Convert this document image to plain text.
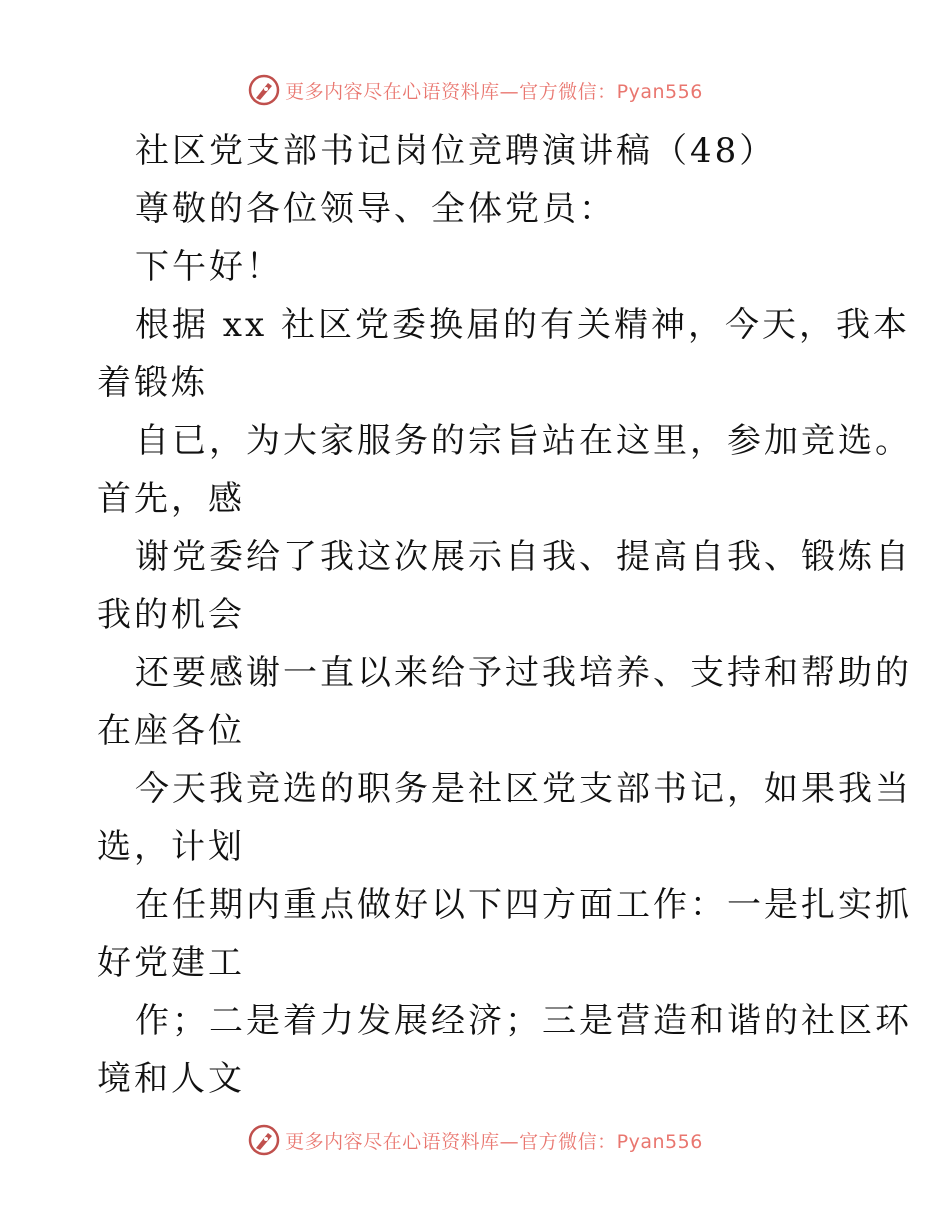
更多内容尽在心语资料库—官方微信：Pyan556
社区党支部书记岗位竞聘演讲稿（48）
尊敬的各位领导、全体党员：
下午好！
根据 xx 社区党委换届的有关精神，今天，我本
着锻炼
自已，为大家服务的宗旨站在这里，参加竞选。
首先，感
谢党委给了我这次展示自我、提高自我、锻炼自
我的机会
还要感谢一直以来给予过我培养、支持和帮助的
在座各位
今天我竞选的职务是社区党支部书记，如果我当
选，计划
在任期内重点做好以下四方面工作：一是扎实抓
好党建工
作；二是着力发展经济；三是营造和谐的社区环
境和人文
更多内容尽在心语资料库—官方微信：Pyan556
